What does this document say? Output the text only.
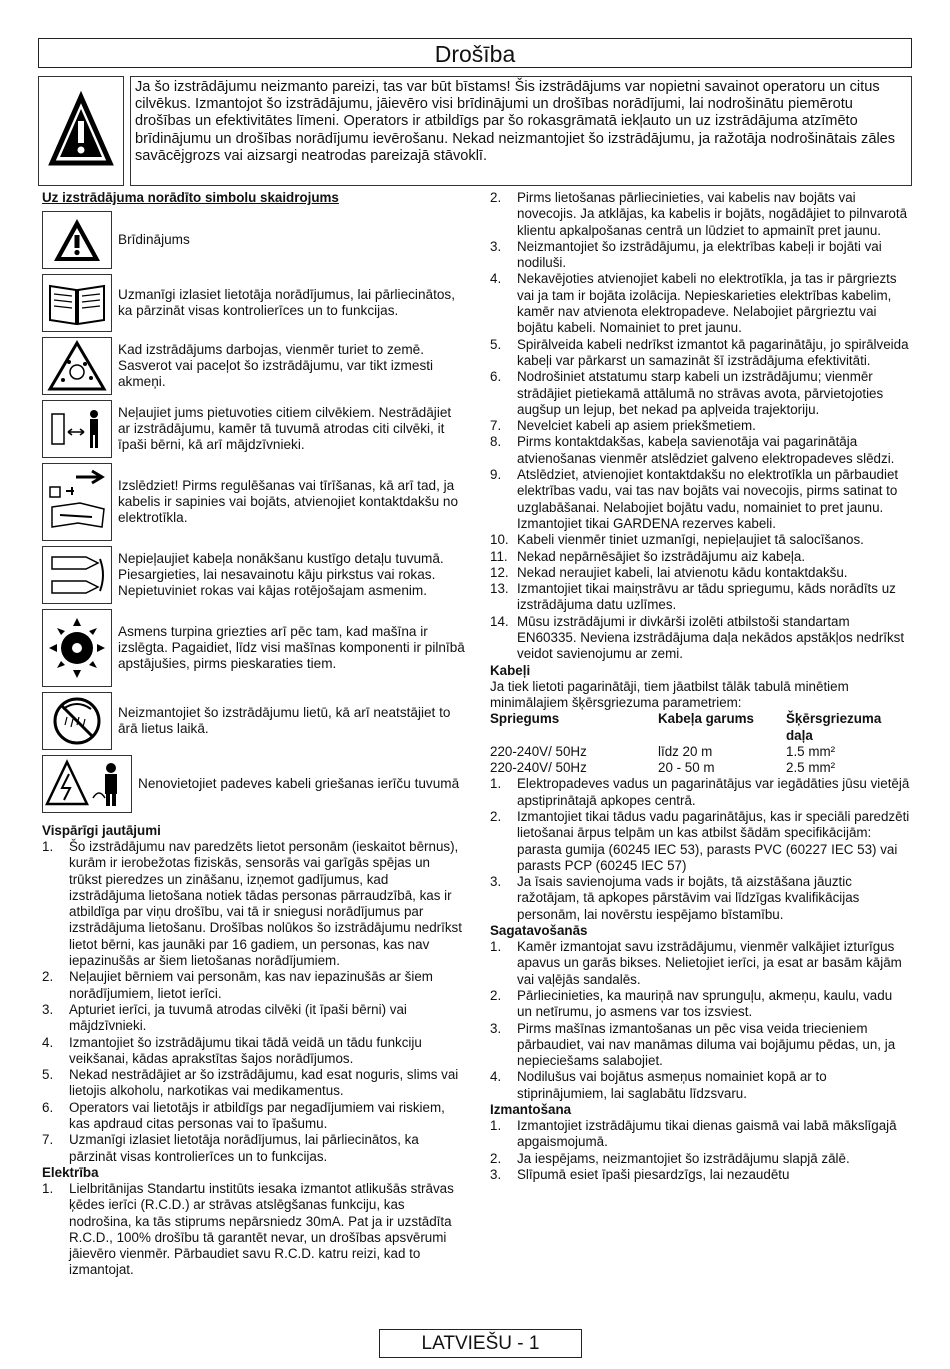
Drošība
Ja šo izstrādājumu neizmanto pareizi, tas var būt bīstams! Šis izstrādājums var nopietni savainot operatoru un citus cilvēkus. Izmantojot šo izstrādājumu, jāievēro visi brīdinājumi un drošības norādījumi, lai nodrošinātu piemērotu drošības un efektivitātes līmeni. Operators ir atbildīgs par šo rokasgrāmatā iekļauto un uz izstrādājuma atzīmēto brīdinājumu un drošības norādījumu ievērošanu. Nekad neizmantojiet šo izstrādājumu, ja ražotāja nodrošinātais zāles savācējgrozs vai aizsargi neatrodas pareizajā stāvoklī.
Uz izstrādājuma norādīto simbolu skaidrojums
Brīdinājums
Uzmanīgi izlasiet lietotāja norādījumus, lai pārliecinātos, ka pārzināt visas kontrolierīces un to funkcijas.
Kad izstrādājums darbojas, vienmēr turiet to zemē. Sasverot vai paceļot šo izstrādājumu, var tikt izmesti akmeņi.
Neļaujiet jums pietuvoties citiem cilvēkiem. Nestrādājiet ar izstrādājumu, kamēr tā tuvumā atrodas citi cilvēki, it īpaši bērni, kā arī mājdzīvnieki.
Izslēdziet! Pirms regulēšanas vai tīrīšanas, kā arī tad, ja kabelis ir sapinies vai bojāts, atvienojiet kontaktdakšu no elektrotīkla.
Nepieļaujiet kabeļa nonākšanu kustīgo detaļu tuvumā. Piesargieties, lai nesavainotu kāju pirkstus vai rokas. Nepietuviniet rokas vai kājas rotējošajam asmenim.
Asmens turpina griezties arī pēc tam, kad mašīna ir izslēgta. Pagaidiet, līdz visi mašīnas komponenti ir pilnībā apstājušies, pirms pieskaraties tiem.
Neizmantojiet šo izstrādājumu lietū, kā arī neatstājiet to ārā lietus laikā.
Nenovietojiet padeves kabeli griešanas ierīču tuvumā
Vispārīgi jautājumi
1.	Šo izstrādājumu nav paredzēts lietot personām (ieskaitot bērnus), kurām ir ierobežotas fiziskās, sensorās vai garīgās spējas un trūkst pieredzes un zināšanu, izņemot gadījumus, kad izstrādājuma lietošana notiek tādas personas pārraudzībā, kas ir atbildīga par viņu drošību, vai tā ir sniegusi norādījumus par izstrādājuma lietošanu. Drošības nolūkos šo izstrādājumu nedrīkst lietot bērni, kas jaunāki par 16 gadiem, un personas, kas nav iepazinušās ar šiem lietošanas norādījumiem.
2.	Neļaujiet bērniem vai personām, kas nav iepazinušās ar šiem norādījumiem, lietot ierīci.
3.	Apturiet ierīci, ja tuvumā atrodas cilvēki (it īpaši bērni) vai mājdzīvnieki.
4.	Izmantojiet šo izstrādājumu tikai tādā veidā un tādu funkciju veikšanai, kādas aprakstītas šajos norādījumos.
5.	Nekad nestrādājiet ar šo izstrādājumu, kad esat noguris, slims vai lietojis alkoholu, narkotikas vai medikamentus.
6.	Operators vai lietotājs ir atbildīgs par negadījumiem vai riskiem, kas apdraud citas personas vai to īpašumu.
7.	Uzmanīgi izlasiet lietotāja norādījumus, lai pārliecinātos, ka pārzināt visas kontrolierīces un to funkcijas.
Elektrība
1.	Lielbritānijas Standartu institūts iesaka izmantot atlikušās strāvas ķēdes ierīci (R.C.D.) ar strāvas atslēgšanas funkciju, kas nodrošina, ka tās stiprums nepārsniedz 30mA. Pat ja ir uzstādīta R.C.D., 100% drošību tā garantēt nevar, un drošības apsvērumi jāievēro vienmēr. Pārbaudiet savu R.C.D. katru reizi, kad to izmantojat.
2.	Pirms lietošanas pārliecinieties, vai kabelis nav bojāts vai novecojis. Ja atklājas, ka kabelis ir bojāts, nogādājiet to pilnvarotā klientu apkalpošanas centrā un lūdziet to apmainīt pret jaunu.
3.	Neizmantojiet šo izstrādājumu, ja elektrības kabeļi ir bojāti vai nodiluši.
4.	Nekavējoties atvienojiet kabeli no elektrotīkla, ja tas ir pārgriezts vai ja tam ir bojāta izolācija. Nepieskarieties elektrības kabelim, kamēr nav atvienota elektropadeve. Nelabojiet pārgrieztu vai bojātu kabeli. Nomainiet to pret jaunu.
5.	Spirālveida kabeli nedrīkst izmantot kā pagarinātāju, jo spirālveida kabeļi var pārkarst un samazināt šī izstrādājuma efektivitāti.
6.	Nodrošiniet atstatumu starp kabeli un izstrādājumu; vienmēr strādājiet pietiekamā attālumā no strāvas avota, pārvietojoties augšup un lejup, bet nekad pa apļveida trajektoriju.
7.	Nevelciet kabeli ap asiem priekšmetiem.
8.	Pirms kontaktdakšas, kabeļa savienotāja vai pagarinātāja atvienošanas vienmēr atslēdziet galveno elektropadeves slēdzi.
9.	Atslēdziet, atvienojiet kontaktdakšu no elektrotīkla un pārbaudiet elektrības vadu, vai tas nav bojāts vai novecojis, pirms satinat to uzglabāšanai. Nelabojiet bojātu vadu, nomainiet to pret jaunu. Izmantojiet tikai GARDENA rezerves kabeli.
10. Kabeli vienmēr tiniet uzmanīgi, nepieļaujiet tā salocīšanos.
11. Nekad nepārnēsājiet šo izstrādājumu aiz kabeļa.
12. Nekad neraujiet kabeli, lai atvienotu kādu kontaktdakšu.
13. Izmantojiet tikai maiņstrāvu ar tādu spriegumu, kāds norādīts uz izstrādājuma datu uzlīmes.
14. Mūsu izstrādājumi ir divkārši izolēti atbilstoši standartam EN60335. Neviena izstrādājuma daļa nekādos apstākļos nedrīkst veidot savienojumu ar zemi.
Kabeļi
Ja tiek lietoti pagarinātāji, tiem jāatbilst tālāk tabulā minētiem minimālajiem šķērsgriezuma parametriem:
Spriegums	Kabeļa garums	Šķērsgriezuma daļa
220-240V/ 50Hz	līdz 20 m	1.5 mm²
220-240V/ 50Hz	20 - 50 m	2.5 mm²
1.	Elektropadeves vadus un pagarinātājus var iegādāties jūsu vietējā apstiprinātajā apkopes centrā.
2.	Izmantojiet tikai tādus vadu pagarinātājus, kas ir speciāli paredzēti lietošanai ārpus telpām un kas atbilst šādām specifikācijām: parasta gumija (60245 IEC 53), parasts PVC (60227 IEC 53) vai parasts PCP (60245 IEC 57)
3.	Ja īsais savienojuma vads ir bojāts, tā aizstāšana jāuztic ražotājam, tā apkopes pārstāvim vai līdzīgas kvalifikācijas personām, lai novērstu iespējamo bīstamību.
Sagatavošanās
1.	Kamēr izmantojat savu izstrādājumu, vienmēr valkājiet izturīgus apavus un garās bikses. Nelietojiet ierīci, ja esat ar basām kājām vai vaļējās sandalēs.
2.	Pārliecinieties, ka mauriņā nav sprunguļu, akmeņu, kaulu, vadu un netīrumu, jo asmens var tos izsviest.
3.	Pirms mašīnas izmantošanas un pēc visa veida triecieniem pārbaudiet, vai nav manāmas diluma vai bojājumu pēdas, un, ja nepieciešams salabojiet.
4.	Nodilušus vai bojātus asmeņus nomainiet kopā ar to stiprinājumiem, lai saglabātu līdzsvaru.
Izmantošana
1.	Izmantojiet izstrādājumu tikai dienas gaismā vai labā mākslīgajā apgaismojumā.
2.	Ja iespējams, neizmantojiet šo izstrādājumu slapjā zālē.
3.	Slīpumā esiet īpaši piesardzīgs, lai nezaudētu
LATVIEŠU - 1
